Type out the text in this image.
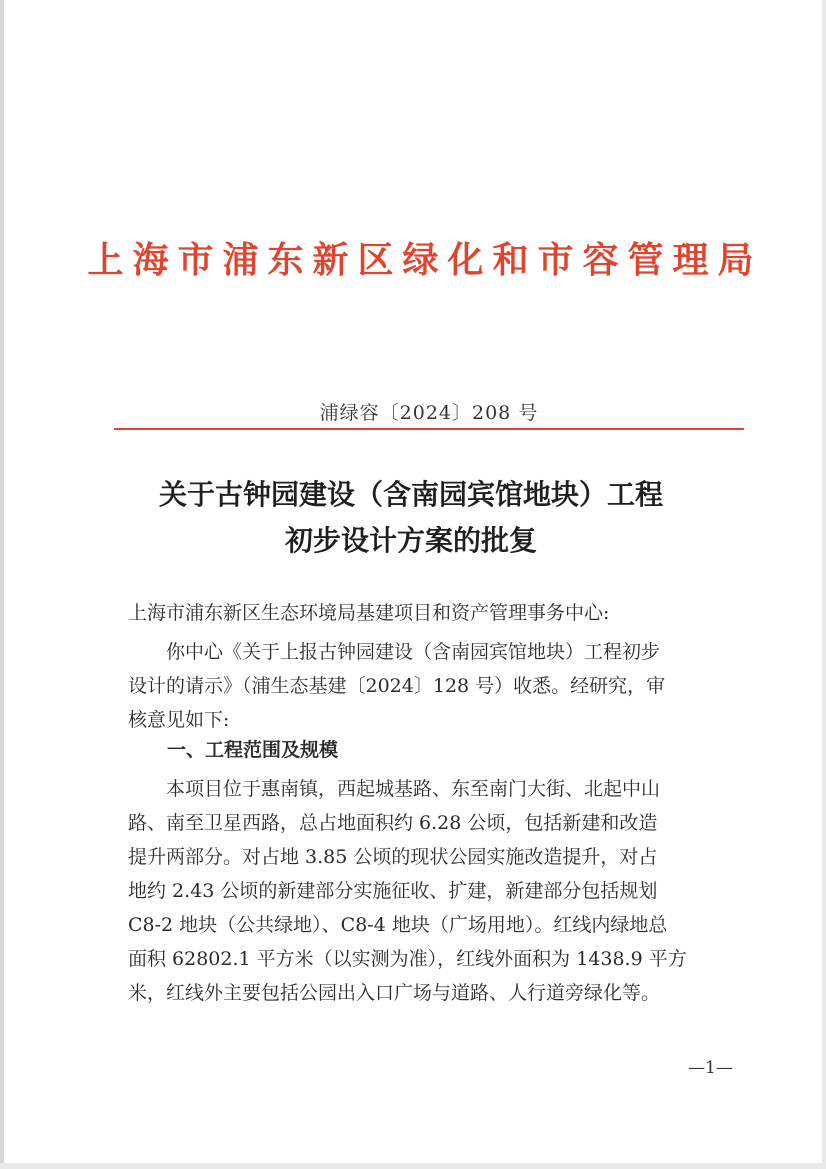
上海市浦东新区绿化和市容管理局
浦绿容〔2024〕208 号
关于古钟园建设（含南园宾馆地块）工程
初步设计方案的批复
上海市浦东新区生态环境局基建项目和资产管理事务中心:
你中心《关于上报古钟园建设（含南园宾馆地块）工程初步
设计的请示》（浦生态基建〔2024〕128 号）收悉。经研究，审
核意见如下:
一、工程范围及规模
本项目位于惠南镇，西起城基路、东至南门大街、北起中山
路、南至卫星西路，总占地面积约 6.28 公顷，包括新建和改造
提升两部分。对占地 3.85 公顷的现状公园实施改造提升，对占
地约 2.43 公顷的新建部分实施征收、扩建，新建部分包括规划
C8-2 地块（公共绿地）、C8-4 地块（广场用地）。红线内绿地总
面积 62802.1 平方米（以实测为准），红线外面积为 1438.9 平方
米，红线外主要包括公园出入口广场与道路、人行道旁绿化等。
—1—
